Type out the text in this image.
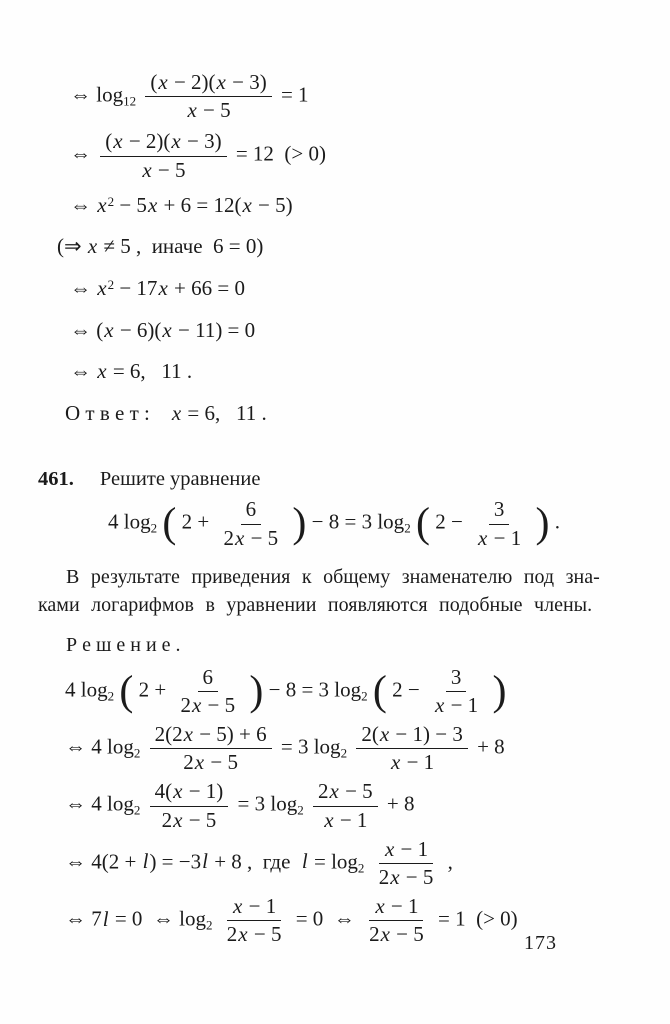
⇔ $\log_{12} \frac{(x - 2)(x - 3)}{x - 5} = 1$
⇔ $\frac{(x - 2)(x - 3)}{x - 5} = 12$  (> 0)
⇔ $x^2 - 5x + 6 = 12(x - 5)$
(⇒ x ≠ 5 ,  иначе  6 = 0)
⇔ $x^2 - 17x + 66 = 0$
⇔ (x − 6)(x − 11) = 0
⇔ x = 6,   11 .
О т в е т :    x = 6,   11 .
461. Решите уравнение
4 $\log_2$ ( $2 + \frac{6}{2x - 5}$ ) − 8 = 3 $\log_2$ ( $2 - \frac{3}{x - 1}$ ) .
В результате приведения к общему знаменателю под зна-
ками логарифмов в уравнении появляются подобные члены.
Р е ш е н и е .
4 $\log_2$ ( $2 + \frac{6}{2x - 5}$ ) − 8 = 3 $\log_2$ ( $2 - \frac{3}{x - 1}$ )
⇔ 4 $\log_2 \frac{2(2x - 5) + 6}{2x - 5} = 3$ $\log_2 \frac{2(x - 1) - 3}{x - 1} + 8$
⇔ 4 $\log_2 \frac{4(x - 1)}{2x - 5} = 3$ $\log_2 \frac{2x - 5}{x - 1} + 8$
⇔ 4(2 + l) = −3l + 8 ,  где  $l = \log_2 \frac{x - 1}{2x - 5}$ ,
⇔ 7l = 0  ⇔ $\log_2 \frac{x - 1}{2x - 5} = 0$  ⇔ $\frac{x - 1}{2x - 5} = 1$  (> 0)
173
